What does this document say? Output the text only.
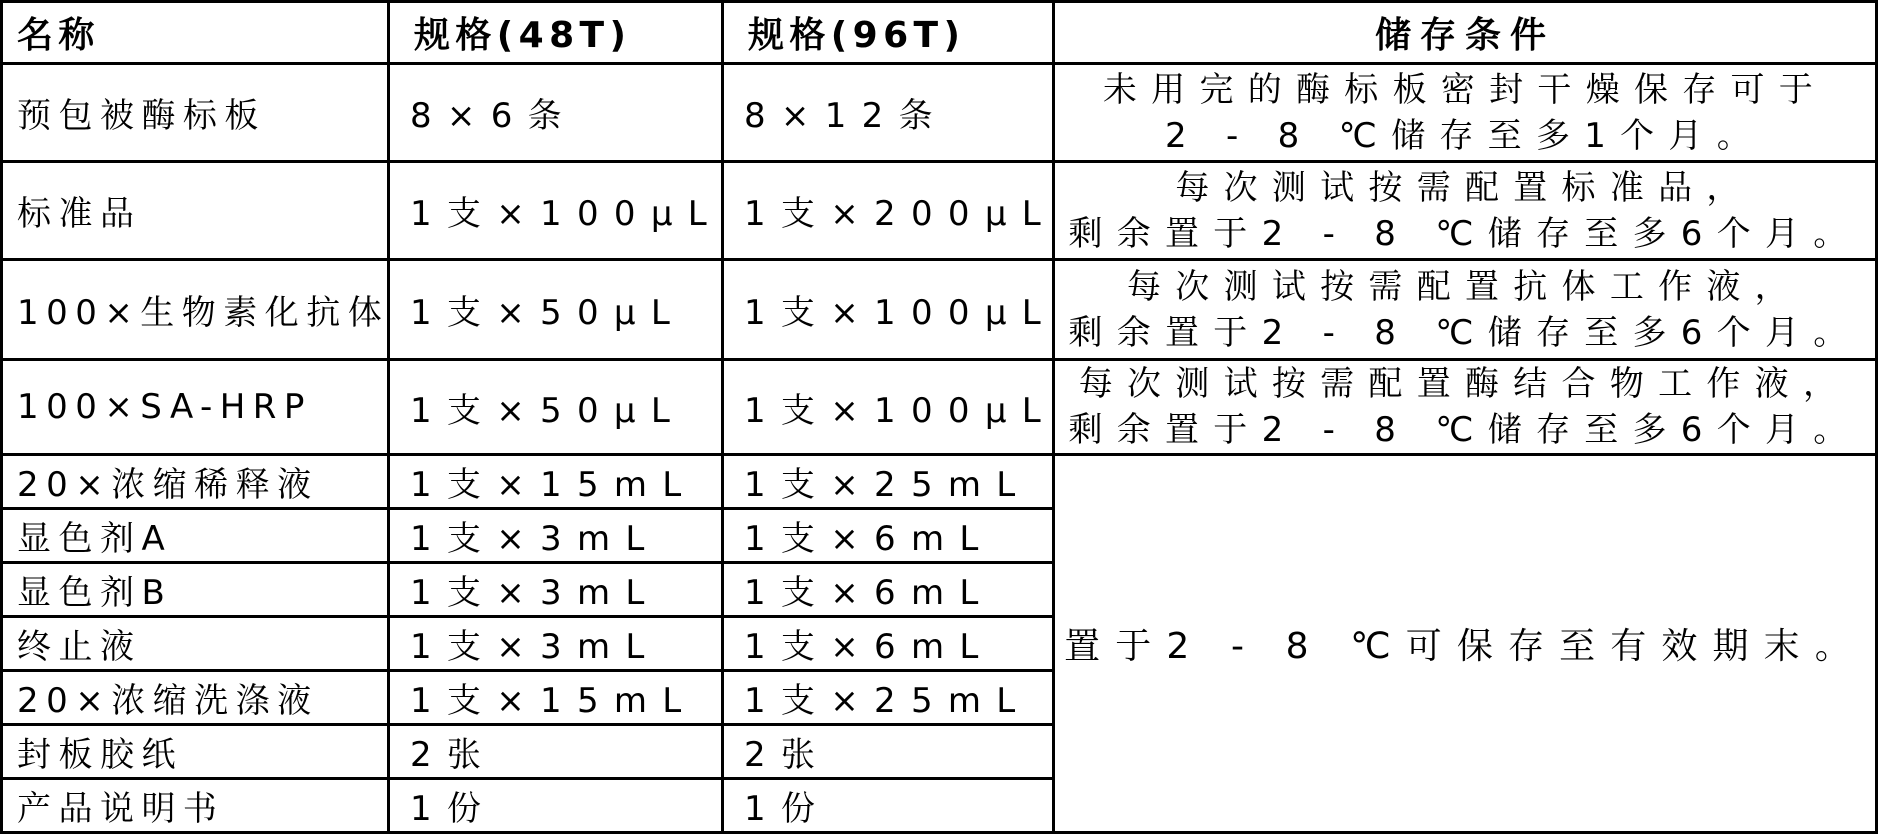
名称	规格(48T)	规格(96T)	储存条件
预包被酶标板	8×6条	8×12条	未用完的酶标板密封干燥保存可于
2 - 8 ℃储存至多1个月。

标准品	1支×100μL	1支×200μL	每次测试按需配置标准品，
剩余置于2 - 8 ℃储存至多6个月。

100×生物素化抗体	1支×50μL	1支×100μL	每次测试按需配置抗体工作液，
剩余置于2 - 8 ℃储存至多6个月。

100×SA-HRP	1支×50μL	1支×100μL	每次测试按需配置酶结合物工作液，
剩余置于2 - 8 ℃储存至多6个月。

20×浓缩稀释液	1支×15mL	1支×25mL	置于2 - 8 ℃可保存至有效期末。
显色剂A	1支×3mL	1支×6mL	
显色剂B	1支×3mL	1支×6mL	
终止液	1支×3mL	1支×6mL	
20×浓缩洗涤液	1支×15mL	1支×25mL	
封板胶纸	2张	2张	
产品说明书	1份	1份	
